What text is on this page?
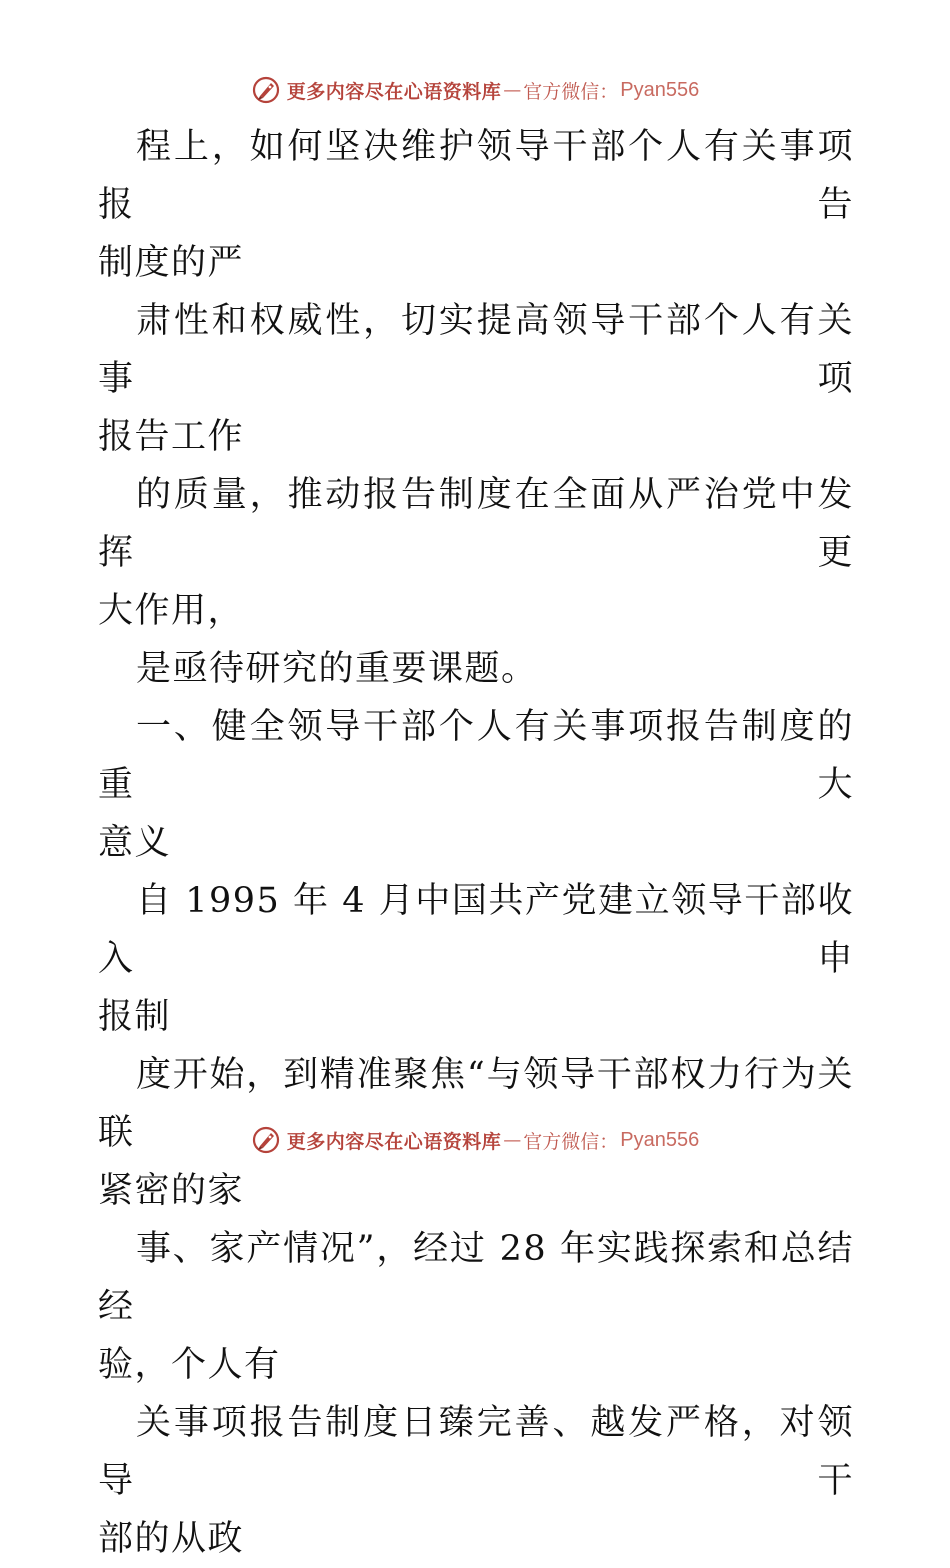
更多内容尽在心语资料库 — 官方微信： Pyan556

程上，如何坚决维护领导干部个人有关事项报告
制度的严

肃性和权威性，切实提高领导干部个人有关事项
报告工作

的质量，推动报告制度在全面从严治党中发挥更
大作用，

是亟待研究的重要课题。

一、健全领导干部个人有关事项报告制度的重大
意义

自 1995 年 4 月中国共产党建立领导干部收入申
报制

度开始，到精准聚焦“与领导干部权力行为关联
紧密的家

事、家产情况”，经过 28 年实践探索和总结经
验，个人有

关事项报告制度日臻完善、越发严格，对领导干
部的从政

更多内容尽在心语资料库 — 官方微信： Pyan556
